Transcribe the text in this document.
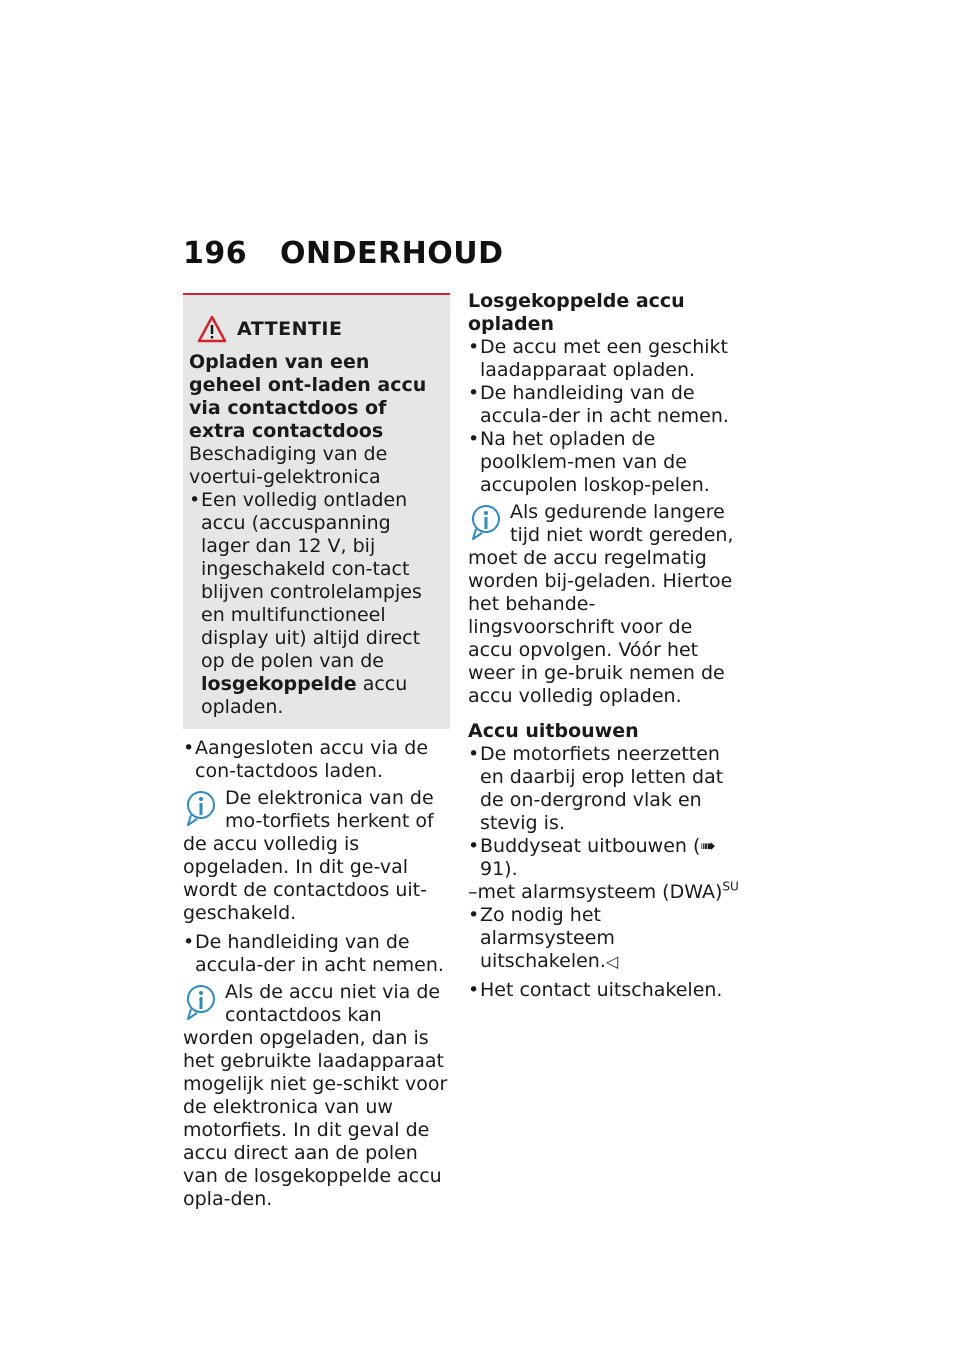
196 ONDERHOUD
ATTENTIE
Opladen van een geheel ont-laden accu via contactdoos of extra contactdoos
Beschadiging van de voertui-gelektronica
• Een volledig ontladen accu (accuspanning lager dan 12 V, bij ingeschakeld con-tact blijven controlelampjes en multifunctioneel display uit) altijd direct op de polen van de losgekoppelde accu opladen.
• Aangesloten accu via de con-tactdoos laden.
De elektronica van de mo-torfiets herkent of de accu volledig is opgeladen. In dit ge-val wordt de contactdoos uit-geschakeld.
• De handleiding van de accula-der in acht nemen.
Als de accu niet via de contactdoos kan worden opgeladen, dan is het gebruikte laadapparaat mogelijk niet ge-schikt voor de elektronica van uw motorfiets. In dit geval de accu direct aan de polen van de losgekoppelde accu opla-den.
Losgekoppelde accu opladen
• De accu met een geschikt laadapparaat opladen.
• De handleiding van de accula-der in acht nemen.
• Na het opladen de poolklem-men van de accupolen loskop-pelen.
Als gedurende langere tijd niet wordt gereden, moet de accu regelmatig worden bij-geladen. Hiertoe het behande-lingsvoorschrift voor de accu opvolgen. Vóór het weer in ge-bruik nemen de accu volledig opladen.
Accu uitbouwen
• De motorfiets neerzetten en daarbij erop letten dat de on-dergrond vlak en stevig is.
• Buddyseat uitbouwen (➠ 91).
–met alarmsysteem (DWA)$^{SU}$
• Zo nodig het alarmsysteem uitschakelen.◁
• Het contact uitschakelen.
